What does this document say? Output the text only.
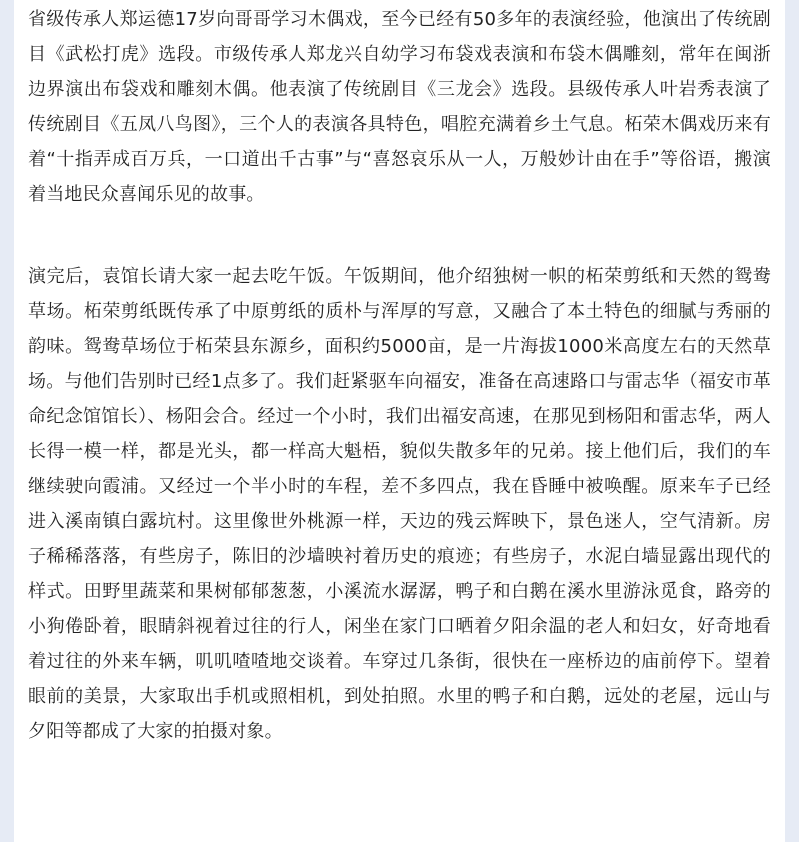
省级传承人郑运德17岁向哥哥学习木偶戏，至今已经有50多年的表演经验，他演出了传统剧目《武松打虎》选段。市级传承人郑龙兴自幼学习布袋戏表演和布袋木偶雕刻，常年在闽浙边界演出布袋戏和雕刻木偶。他表演了传统剧目《三龙会》选段。县级传承人叶岩秀表演了传统剧目《五凤八鸟图》，三个人的表演各具特色，唱腔充满着乡土气息。柘荣木偶戏历来有着“十指弄成百万兵，一口道出千古事”与“喜怒哀乐从一人，万般妙计由在手”等俗语，搬演着当地民众喜闻乐见的故事。

演完后，袁馆长请大家一起去吃午饭。午饭期间，他介绍独树一帜的柘荣剪纸和天然的鸳鸯草场。柘荣剪纸既传承了中原剪纸的质朴与浑厚的写意，又融合了本土特色的细腻与秀丽的韵味。鸳鸯草场位于柘荣县东源乡，面积约5000亩，是一片海拔1000米高度左右的天然草场。与他们告别时已经1点多了。我们赶紧驱车向福安，准备在高速路口与雷志华（福安市革命纪念馆馆长）、杨阳会合。经过一个小时，我们出福安高速，在那见到杨阳和雷志华，两人长得一模一样，都是光头，都一样高大魁梧，貌似失散多年的兄弟。接上他们后，我们的车继续驶向霞浦。又经过一个半小时的车程，差不多四点，我在昏睡中被唤醒。原来车子已经进入溪南镇白露坑村。这里像世外桃源一样，天边的残云辉映下，景色迷人，空气清新。房子稀稀落落，有些房子，陈旧的沙墙映衬着历史的痕迹；有些房子，水泥白墙显露出现代的样式。田野里蔬菜和果树郁郁葱葱，小溪流水潺潺，鸭子和白鹅在溪水里游泳觅食，路旁的小狗倦卧着，眼睛斜视着过往的行人，闲坐在家门口晒着夕阳余温的老人和妇女，好奇地看着过往的外来车辆，叽叽喳喳地交谈着。车穿过几条街，很快在一座桥边的庙前停下。望着眼前的美景，大家取出手机或照相机，到处拍照。水里的鸭子和白鹅，远处的老屋，远山与夕阳等都成了大家的拍摄对象。
